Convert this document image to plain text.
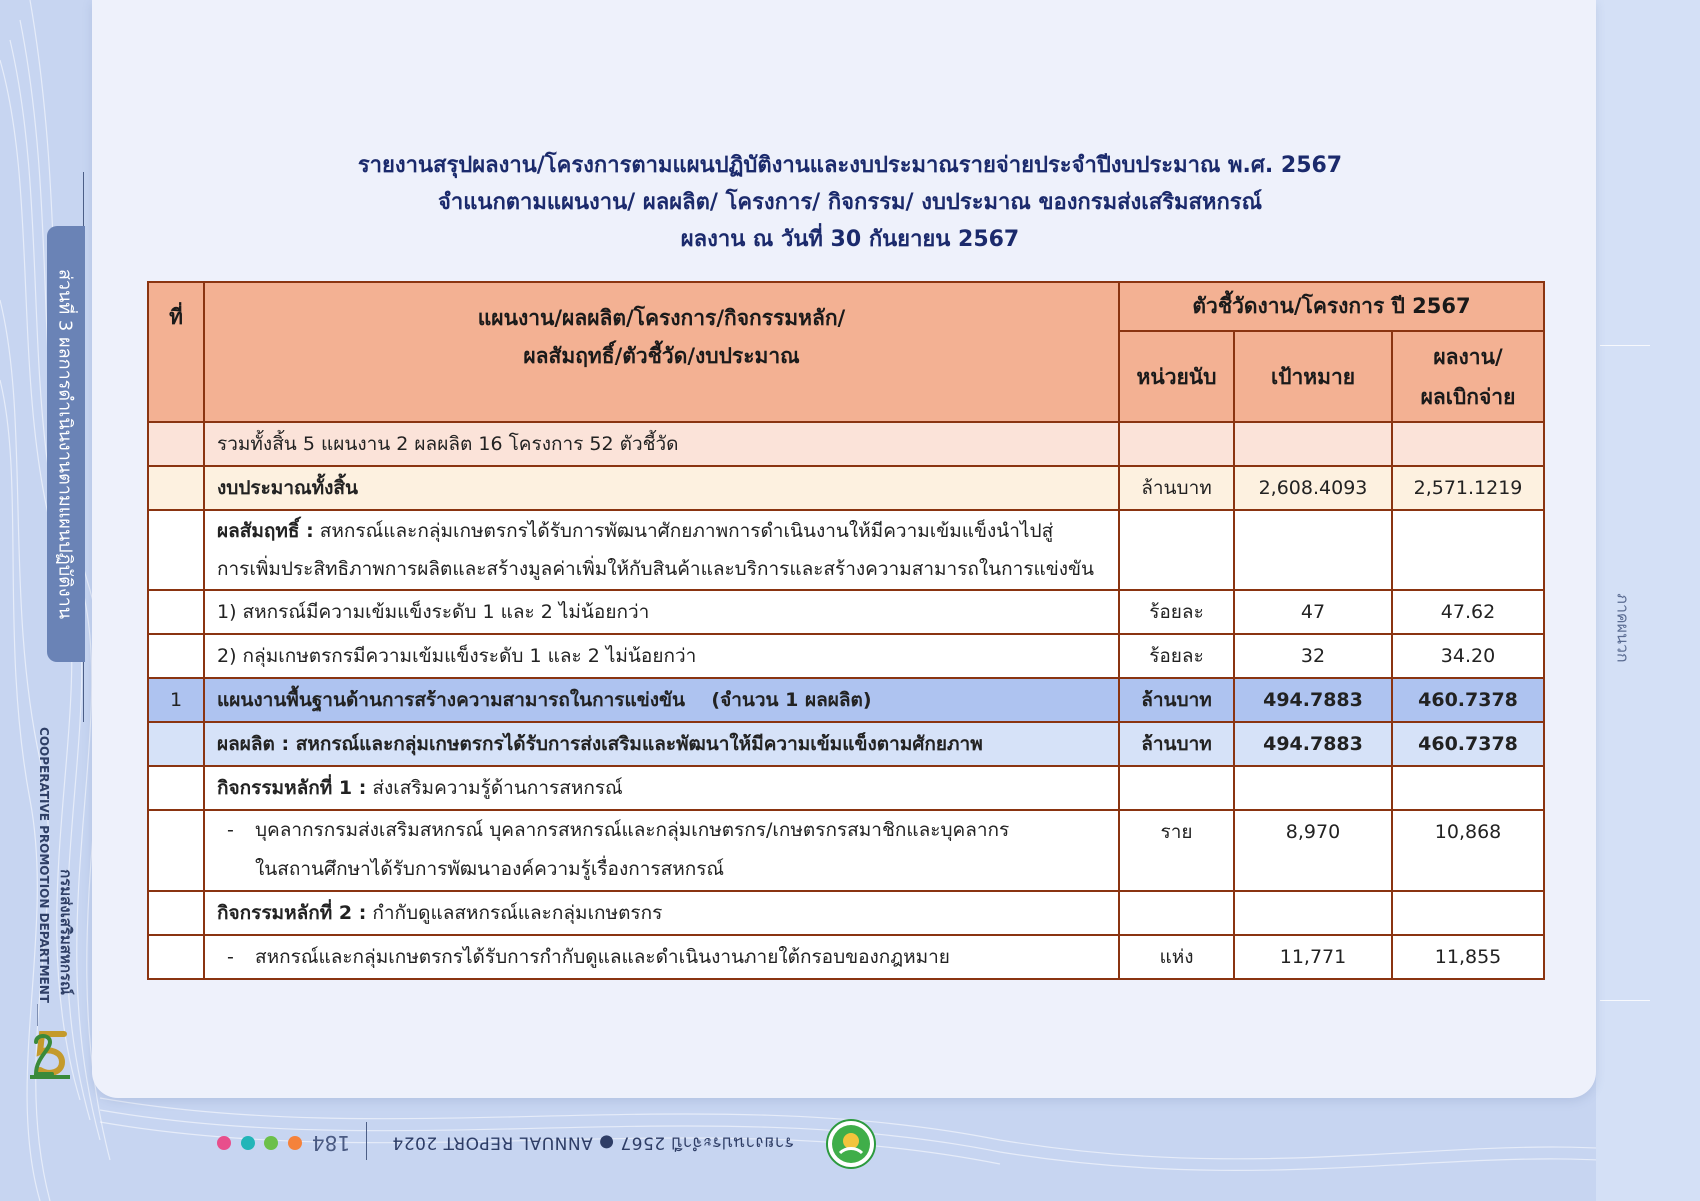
ภาคผนวก
ส่วนที่ 3 ผลการดำเนินงานตามแผนปฏิบัติงาน
กรมส่งเสริมสหกรณ์
COOPERATIVE PROMOTION DEPARTMENT
รายงานสรุปผลงาน/โครงการตามแผนปฏิบัติงานและงบประมาณรายจ่ายประจำปีงบประมาณ พ.ศ. 2567
จำแนกตามแผนงาน/ ผลผลิต/ โครงการ/ กิจกรรม/ งบประมาณ ของกรมส่งเสริมสหกรณ์
ผลงาน ณ วันที่ 30 กันยายน 2567
ที่	แผนงาน/ผลผลิต/โครงการ/กิจกรรมหลัก/
ผลสัมฤทธิ์/ตัวชี้วัด/งบประมาณ	ตัวชี้วัดงาน/โครงการ ปี 2567		
		หน่วยนับ	เป้าหมาย	ผลงาน/
ผลเบิกจ่าย

	รวมทั้งสิ้น 5 แผนงาน 2 ผลผลิต 16 โครงการ 52 ตัวชี้วัด			
	งบประมาณทั้งสิ้น	ล้านบาท	2,608.4093	2,571.1219

	ผลสัมฤทธิ์ : สหกรณ์และกลุ่มเกษตรกรได้รับการพัฒนาศักยภาพการดำเนินงานให้มีความเข้มแข็งนำไปสู่
การเพิ่มประสิทธิภาพการผลิตและสร้างมูลค่าเพิ่มให้กับสินค้าและบริการและสร้างความสามารถในการแข่งขัน			

	1) สหกรณ์มีความเข้มแข็งระดับ 1 และ 2 ไม่น้อยกว่า	ร้อยละ	47	47.62
	2) กลุ่มเกษตรกรมีความเข้มแข็งระดับ 1 และ 2 ไม่น้อยกว่า	ร้อยละ	32	34.20
1	แผนงานพื้นฐานด้านการสร้างความสามารถในการแข่งขัน    (จำนวน 1 ผลผลิต)	ล้านบาท	494.7883	460.7378
	ผลผลิต : สหกรณ์และกลุ่มเกษตรกรได้รับการส่งเสริมและพัฒนาให้มีความเข้มแข็งตามศักยภาพ	ล้านบาท	494.7883	460.7378
	กิจกรรมหลักที่ 1 : ส่งเสริมความรู้ด้านการสหกรณ์			

	- บุคลากรกรมส่งเสริมสหกรณ์ บุคลากรสหกรณ์และกลุ่มเกษตรกร/เกษตรกรสมาชิกและบุคลากร
ในสถานศึกษาได้รับการพัฒนาองค์ความรู้เรื่องการสหกรณ์	ราย	8,970	10,868
	กิจกรรมหลักที่ 2 : กำกับดูแลสหกรณ์และกลุ่มเกษตรกร			

	- สหกรณ์และกลุ่มเกษตรกรได้รับการกำกับดูแลและดำเนินงานภายใต้กรอบของกฎหมาย	แห่ง	11,771	11,855
184 รายงานประจำปี 2567 ● ANNUAL REPORT 2024
